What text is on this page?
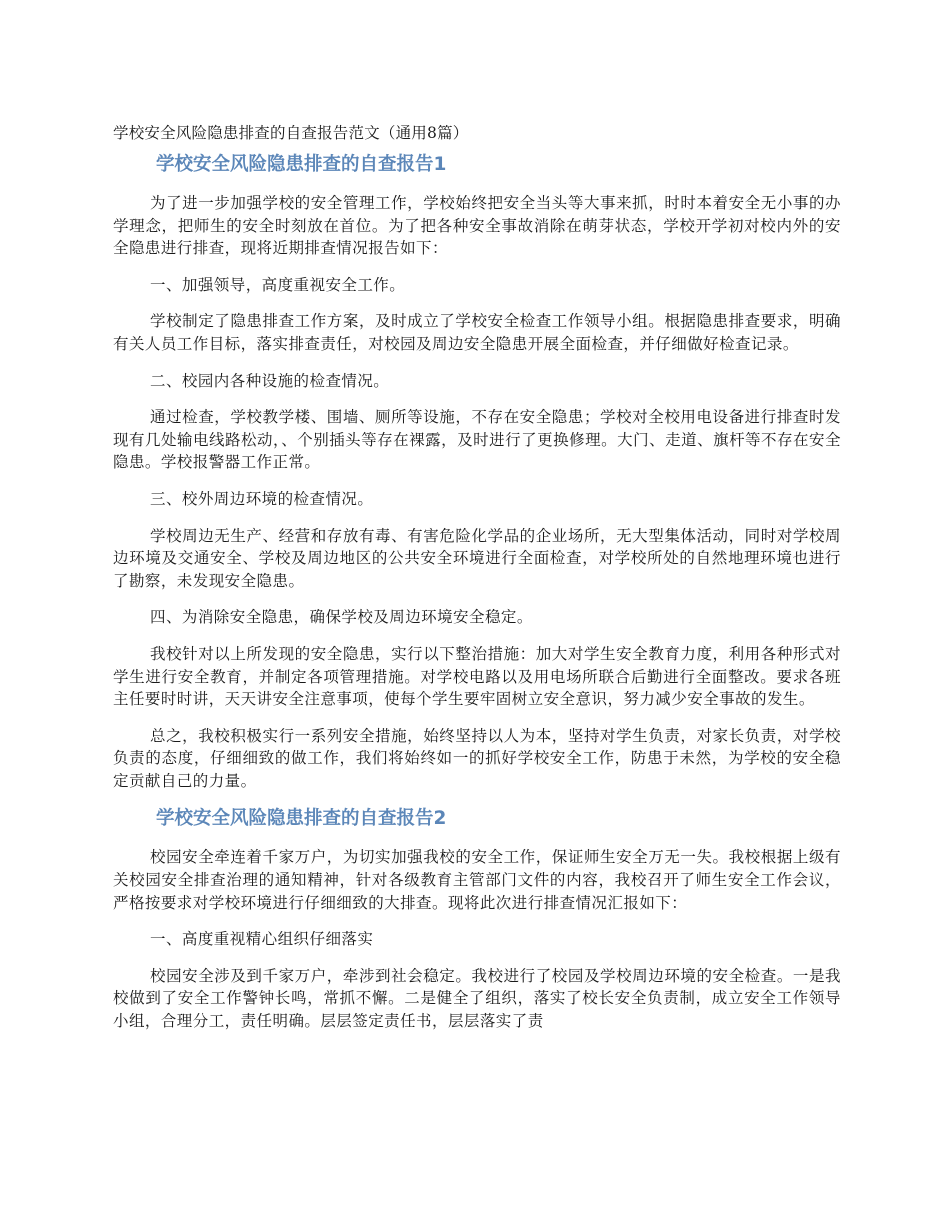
学校安全风险隐患排查的自查报告范文（通用8篇）
学校安全风险隐患排查的自查报告1

为了进一步加强学校的安全管理工作，学校始终把安全当头等大事来抓，时时本着安全无小事的办学理念，把师生的安全时刻放在首位。为了把各种安全事故消除在萌芽状态，学校开学初对校内外的安全隐患进行排查，现将近期排查情况报告如下：

一、加强领导，高度重视安全工作。

学校制定了隐患排查工作方案，及时成立了学校安全检查工作领导小组。根据隐患排查要求，明确有关人员工作目标，落实排查责任，对校园及周边安全隐患开展全面检查，并仔细做好检查记录。

二、校园内各种设施的检查情况。

通过检查，学校教学楼、围墙、厕所等设施，不存在安全隐患；学校对全校用电设备进行排查时发现有几处输电线路松动，、个别插头等存在裸露，及时进行了更换修理。大门、走道、旗杆等不存在安全隐患。学校报警器工作正常。

三、校外周边环境的检查情况。

学校周边无生产、经营和存放有毒、有害危险化学品的企业场所，无大型集体活动，同时对学校周边环境及交通安全、学校及周边地区的公共安全环境进行全面检查，对学校所处的自然地理环境也进行了勘察，未发现安全隐患。

四、为消除安全隐患，确保学校及周边环境安全稳定。

我校针对以上所发现的安全隐患，实行以下整治措施：加大对学生安全教育力度，利用各种形式对学生进行安全教育，并制定各项管理措施。对学校电路以及用电场所联合后勤进行全面整改。要求各班主任要时时讲，天天讲安全注意事项，使每个学生要牢固树立安全意识，努力减少安全事故的发生。

总之，我校积极实行一系列安全措施，始终坚持以人为本，坚持对学生负责，对家长负责，对学校负责的态度，仔细细致的做工作，我们将始终如一的抓好学校安全工作，防患于未然，为学校的安全稳定贡献自己的力量。

学校安全风险隐患排查的自查报告2

校园安全牵连着千家万户，为切实加强我校的安全工作，保证师生安全万无一失。我校根据上级有关校园安全排查治理的通知精神，针对各级教育主管部门文件的内容，我校召开了师生安全工作会议，严格按要求对学校环境进行仔细细致的大排查。现将此次进行排查情况汇报如下：

一、高度重视精心组织仔细落实

校园安全涉及到千家万户，牵涉到社会稳定。我校进行了校园及学校周边环境的安全检查。一是我校做到了安全工作警钟长鸣，常抓不懈。二是健全了组织，落实了校长安全负责制，成立安全工作领导小组，合理分工，责任明确。层层签定责任书，层层落实了责
